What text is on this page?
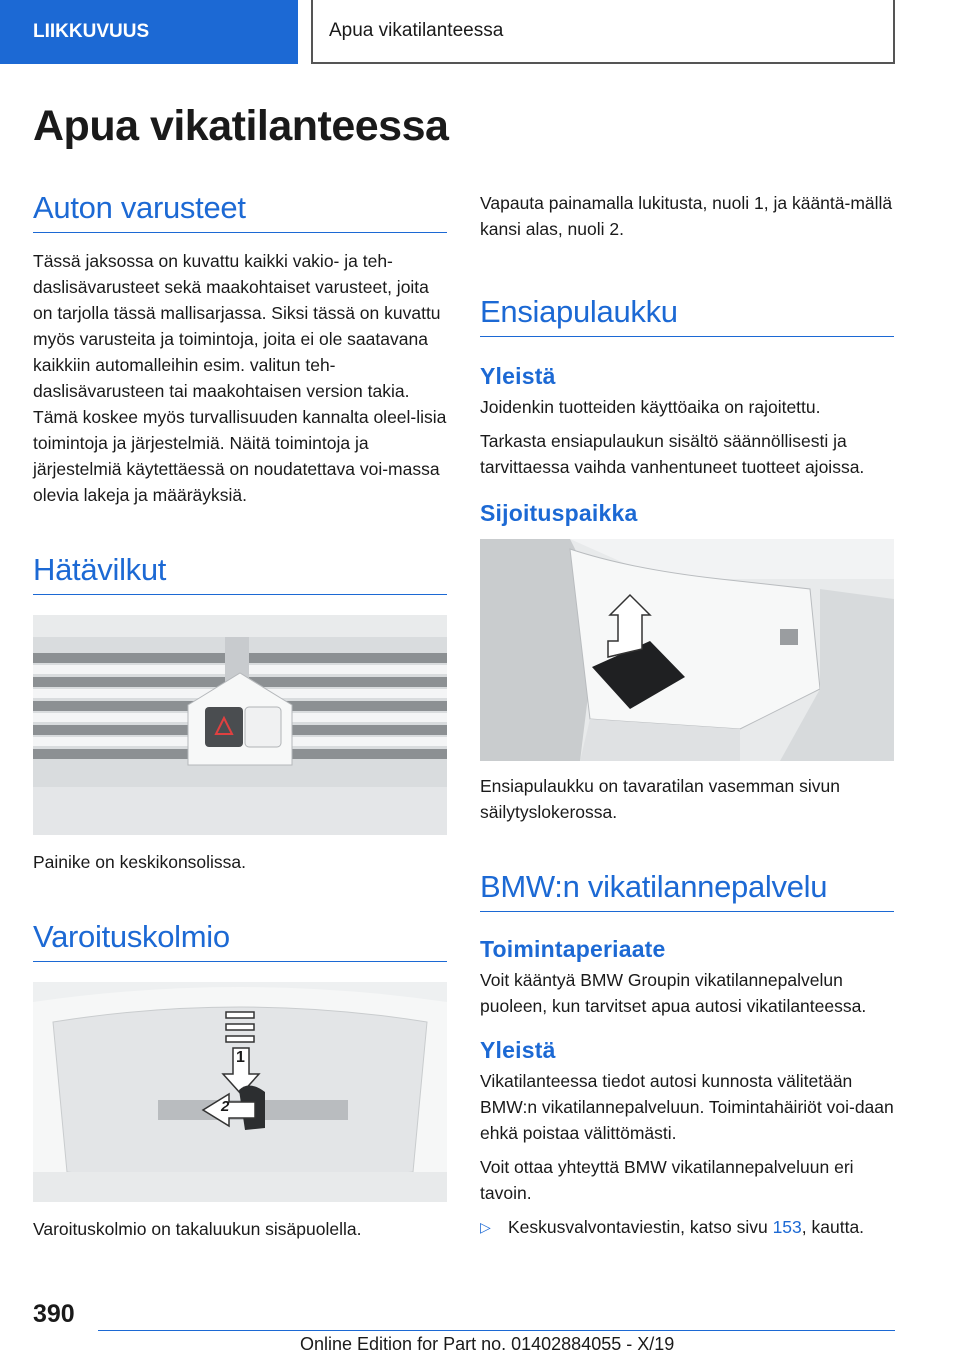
LIIKKUVUUS	Apua vikatilanteessa
Apua vikatilanteessa
Auton varusteet

Tässä jaksossa on kuvattu kaikki vakio- ja teh-daslisävarusteet sekä maakohtaiset varusteet, joita on tarjolla tässä mallisarjassa. Siksi tässä on kuvattu myös varusteita ja toimintoja, joita ei ole saatavana kaikkiin automalleihin esim. valitun teh-daslisävarusteen tai maakohtaisen version takia. Tämä koskee myös turvallisuuden kannalta oleel-lisia toimintoja ja järjestelmiä. Näitä toimintoja ja järjestelmiä käytettäessä on noudatettava voi-massa olevia lakeja ja määräyksiä.

Hätävilkut

Painike on keskikonsolissa.

Varoituskolmio
1
2

Varoituskolmio on takaluukun sisäpuolella.

Vapauta painamalla lukitusta, nuoli 1, ja kääntä-mällä kansi alas, nuoli 2.

Ensiapulaukku
Yleistä

Joidenkin tuotteiden käyttöaika on rajoitettu.

Tarkasta ensiapulaukun sisältö säännöllisesti ja tarvittaessa vaihda vanhentuneet tuotteet ajoissa.

Sijoituspaikka

Ensiapulaukku on tavaratilan vasemman sivun säilytyslokerossa.

BMW:n vikatilannepalvelu
Toimintaperiaate

Voit kääntyä BMW Groupin vikatilannepalvelun puoleen, kun tarvitset apua autosi vikatilanteessa.

Yleistä

Vikatilanteessa tiedot autosi kunnosta välitetään BMW:n vikatilannepalveluun. Toimintahäiriöt voi-daan ehkä poistaa välittömästi.

Voit ottaa yhteyttä BMW vikatilannepalveluun eri tavoin.

▷ Keskusvalvontaviestin, katso sivu 153, kautta.
390
Online Edition for Part no. 01402884055 - X/19
